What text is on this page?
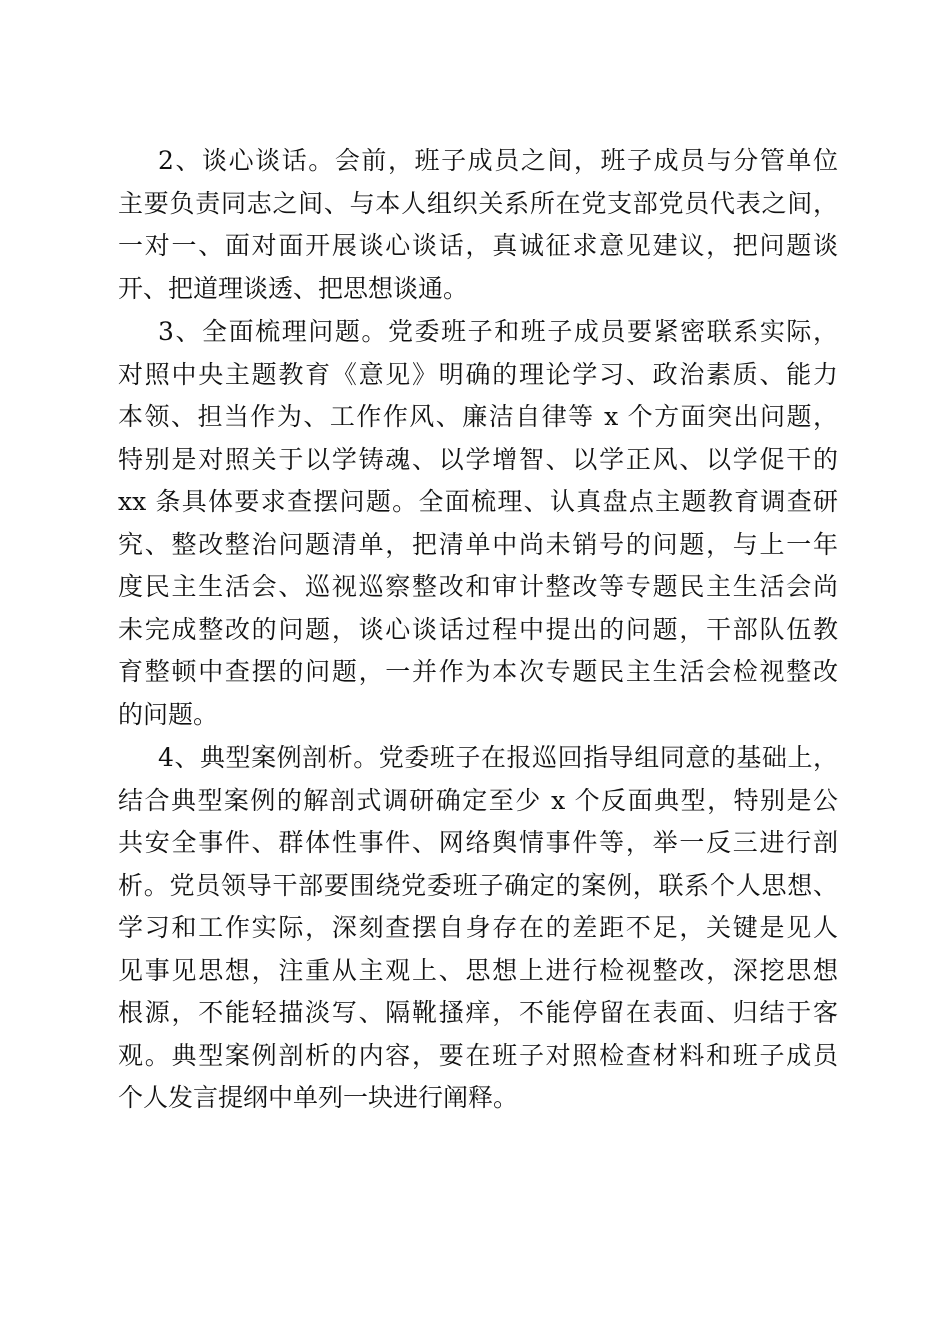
2、谈心谈话。会前，班子成员之间，班子成员与分管单位
主要负责同志之间、与本人组织关系所在党支部党员代表之间，
一对一、面对面开展谈心谈话，真诚征求意见建议，把问题谈
开、把道理谈透、把思想谈通。
3、全面梳理问题。党委班子和班子成员要紧密联系实际，
对照中央主题教育《意见》明确的理论学习、政治素质、能力
本领、担当作为、工作作风、廉洁自律等 x 个方面突出问题，
特别是对照关于以学铸魂、以学增智、以学正风、以学促干的
xx 条具体要求查摆问题。全面梳理、认真盘点主题教育调查研
究、整改整治问题清单，把清单中尚未销号的问题，与上一年
度民主生活会、巡视巡察整改和审计整改等专题民主生活会尚
未完成整改的问题，谈心谈话过程中提出的问题，干部队伍教
育整顿中查摆的问题，一并作为本次专题民主生活会检视整改
的问题。
4、典型案例剖析。党委班子在报巡回指导组同意的基础上，
结合典型案例的解剖式调研确定至少 x 个反面典型，特别是公
共安全事件、群体性事件、网络舆情事件等，举一反三进行剖
析。党员领导干部要围绕党委班子确定的案例，联系个人思想、
学习和工作实际，深刻查摆自身存在的差距不足，关键是见人
见事见思想，注重从主观上、思想上进行检视整改，深挖思想
根源，不能轻描淡写、隔靴搔痒，不能停留在表面、归结于客
观。典型案例剖析的内容，要在班子对照检查材料和班子成员
个人发言提纲中单列一块进行阐释。
